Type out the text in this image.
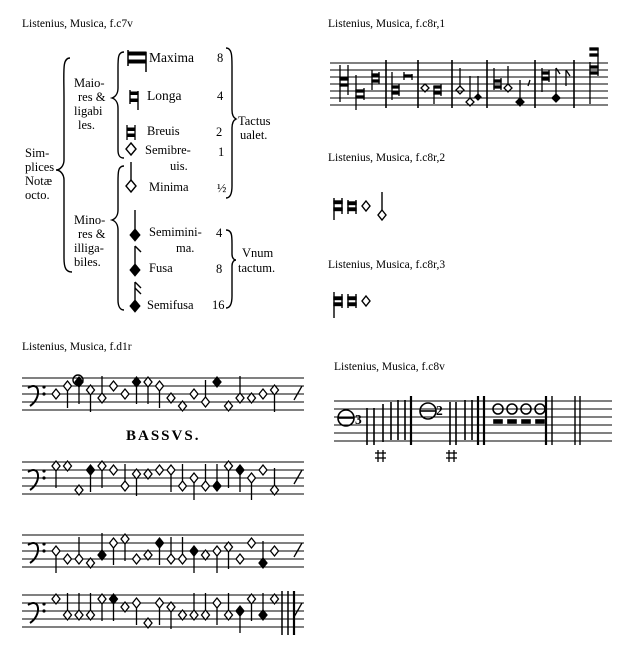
Listenius, Musica, f.c7v	Listenius, Musica, f.c8r,1
Listenius, Musica, f.c8r,2
Listenius, Musica, f.c8r,3
Listenius, Musica, f.d1r
Listenius, Musica, f.c8v
Sim-
plices
Notæ
octo.
Maio-
res &
ligabi
les.
Mino-
res &
illiga-
biles.
Maxima
Longa
Breuis
Semibre-
uis.
Minima
Semimini-
ma.
Fusa
Semifusa
8
4
2
1
½
4
8
16
Tactus
ualet.
Vnum
tactum.
BASSVS.
3
2
